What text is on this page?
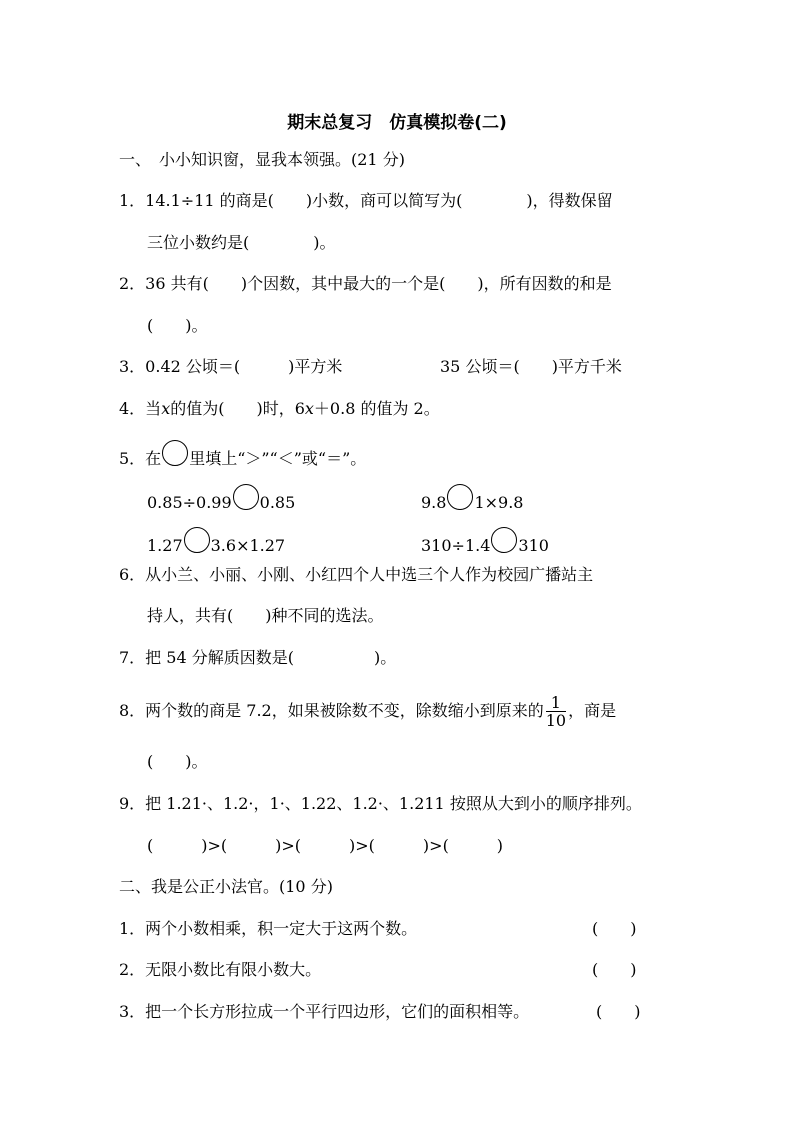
期末总复习　仿真模拟卷(二)
一、　小小知识窗，显我本领强。(21 分)
1．14.1÷11 的商是(　　)小数，商可以简写为(　　　　)，得数保留
三位小数约是(　　　　)。
2．36 共有(　　)个因数，其中最大的一个是(　　)，所有因数的和是
(　　)。
3．0.42 公顷＝(　　　)平方米	35 公顷＝(　　)平方千米
4．当x的值为(　　)时，6x＋0.8 的值为 2。
5．在 里填上“＞”“＜”或“＝”。
0.85÷0.99 0.85	9.8 1×9.8
1.27 3.6×1.27	310÷1.4 310
6．从小兰、小丽、小刚、小红四个人中选三个人作为校园广播站主
持人，共有(　　)种不同的选法。
7．把 54 分解质因数是(　　　　　)。
8．两个数的商是 7.2，如果被除数不变，除数缩小到原来的 $\frac{1}{10}$ ，商是
(　　)。
9．把 1.21·、1.2·，1·、1.22、1.2·、1.211 按照从大到小的顺序排列。
(　　　)>(　　　)>(　　　)>(　　　)>(　　　)
二、我是公正小法官。(10 分)
1．两个小数相乘，积一定大于这两个数。	(　　)
2．无限小数比有限小数大。	(　　)
3．把一个长方形拉成一个平行四边形，它们的面积相等。	(　　)
